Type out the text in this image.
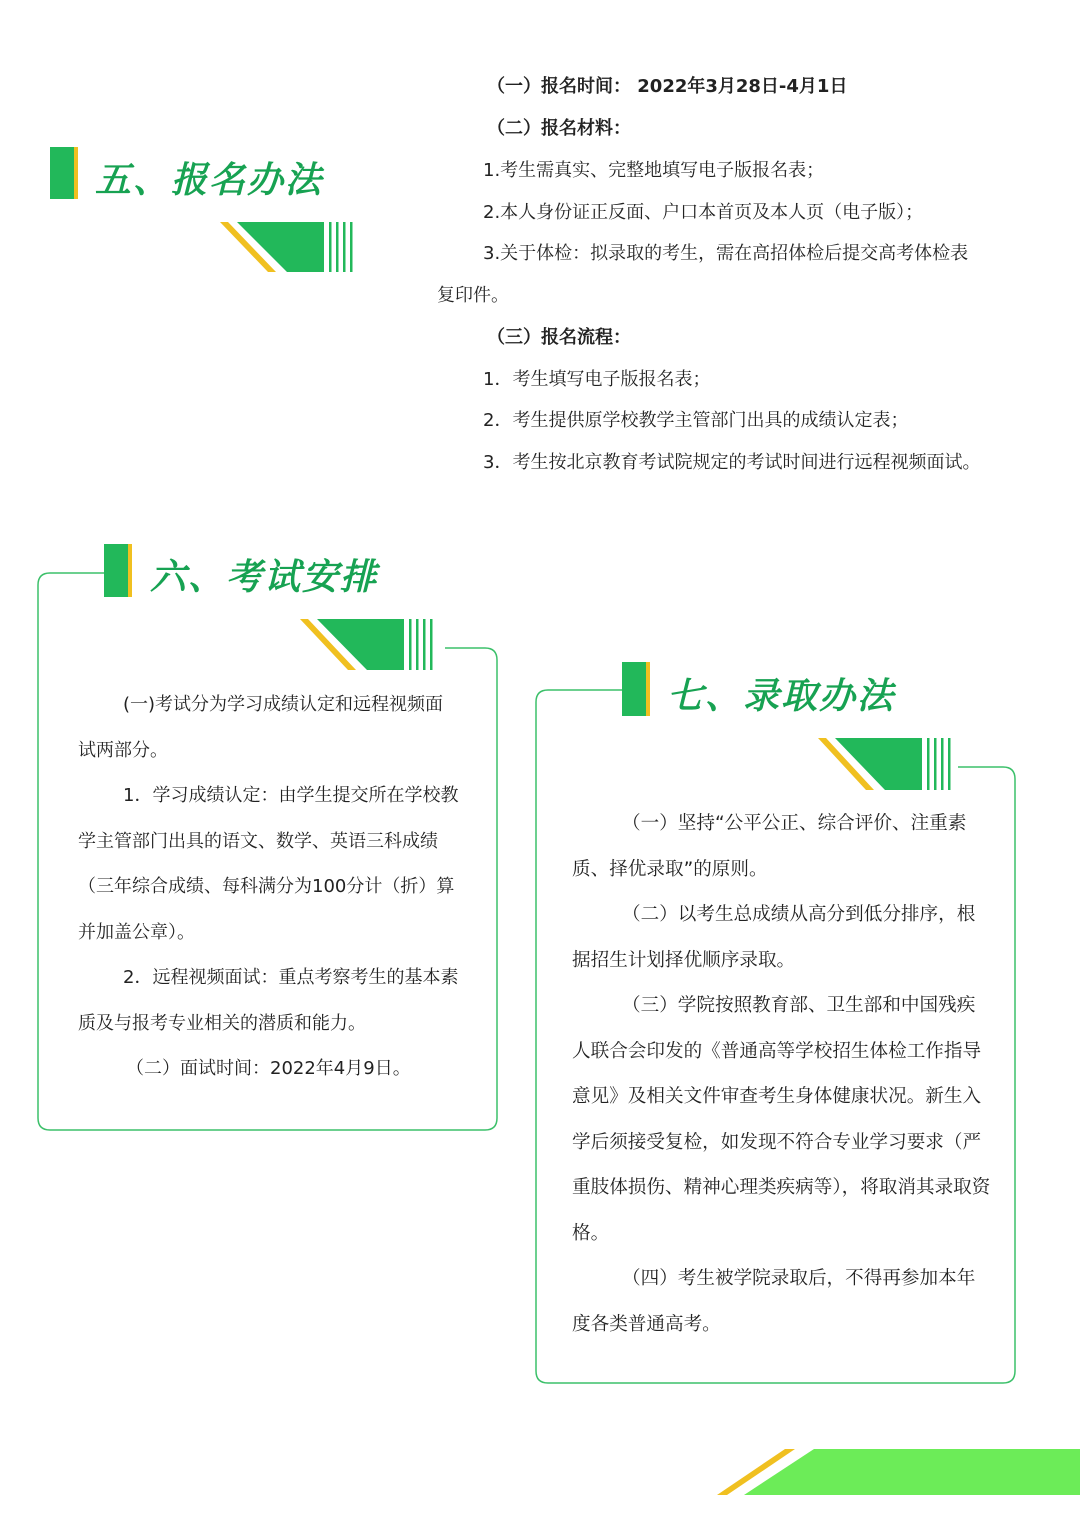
五、报名办法
（一）报名时间： 2022年3月28日-4月1日
（二）报名材料：
1.考生需真实、完整地填写电子版报名表；
2.本人身份证正反面、户口本首页及本人页（电子版）；
3.关于体检：拟录取的考生，需在高招体检后提交高考体检表
复印件。
（三）报名流程：
1．考生填写电子版报名表；
2．考生提供原学校教学主管部门出具的成绩认定表；
3．考生按北京教育考试院规定的考试时间进行远程视频面试。
六、考试安排

(一)考试分为学习成绩认定和远程视频面试两部分。

1．学习成绩认定：由学生提交所在学校教学主管部门出具的语文、数学、英语三科成绩（三年综合成绩、每科满分为100分计（折）算并加盖公章）。

2．远程视频面试：重点考察考生的基本素质及与报考专业相关的潜质和能力。

（二）面试时间：2022年4月9日。

七、录取办法

（一）坚持“公平公正、综合评价、注重素质、择优录取”的原则。

（二）以考生总成绩从高分到低分排序，根据招生计划择优顺序录取。

（三）学院按照教育部、卫生部和中国残疾人联合会印发的《普通高等学校招生体检工作指导意见》及相关文件审查考生身体健康状况。新生入学后须接受复检，如发现不符合专业学习要求（严重肢体损伤、精神心理类疾病等），将取消其录取资格。

（四）考生被学院录取后，不得再参加本年度各类普通高考。
